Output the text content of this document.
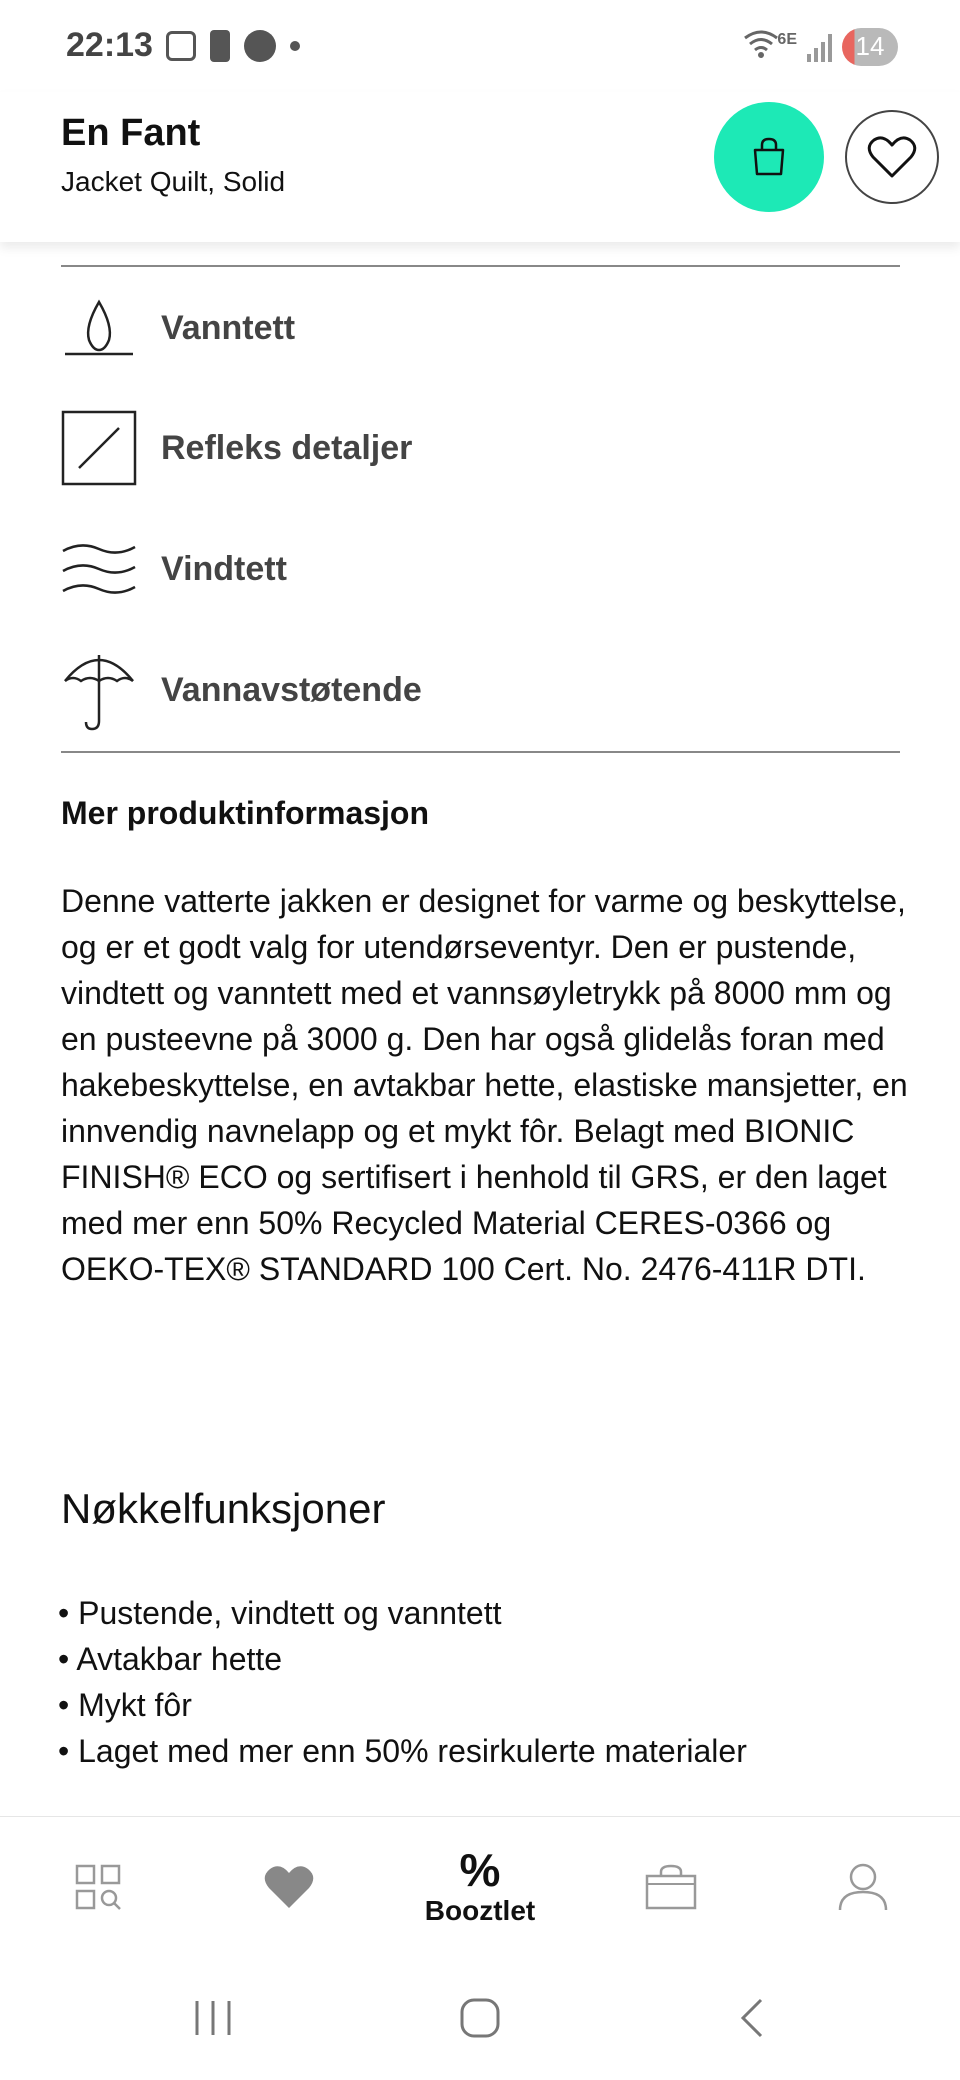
22:13	6E	14
En Fant
Jacket Quilt, Solid
Vanntett
Refleks detaljer
Vindtett
Vannavstøtende
Mer produktinformasjon
Denne vatterte jakken er designet for varme og beskyttelse, og er et godt valg for utendørseventyr. Den er pustende, vindtett og vanntett med et vannsøyletrykk på 8000 mm og en pusteevne på 3000 g. Den har også glidelås foran med hakebeskyttelse, en avtakbar hette, elastiske mansjetter, en innvendig navnelapp og et mykt fôr. Belagt med BIONIC FINISH® ECO og sertifisert i henhold til GRS, er den laget med mer enn 50% Recycled Material CERES-0366 og OEKO-TEX® STANDARD 100 Cert. No. 2476-411R DTI.
Nøkkelfunksjoner
• Pustende, vindtett og vanntett
• Avtakbar hette
• Mykt fôr
• Laget med mer enn 50% resirkulerte materialer
%
Booztlet
